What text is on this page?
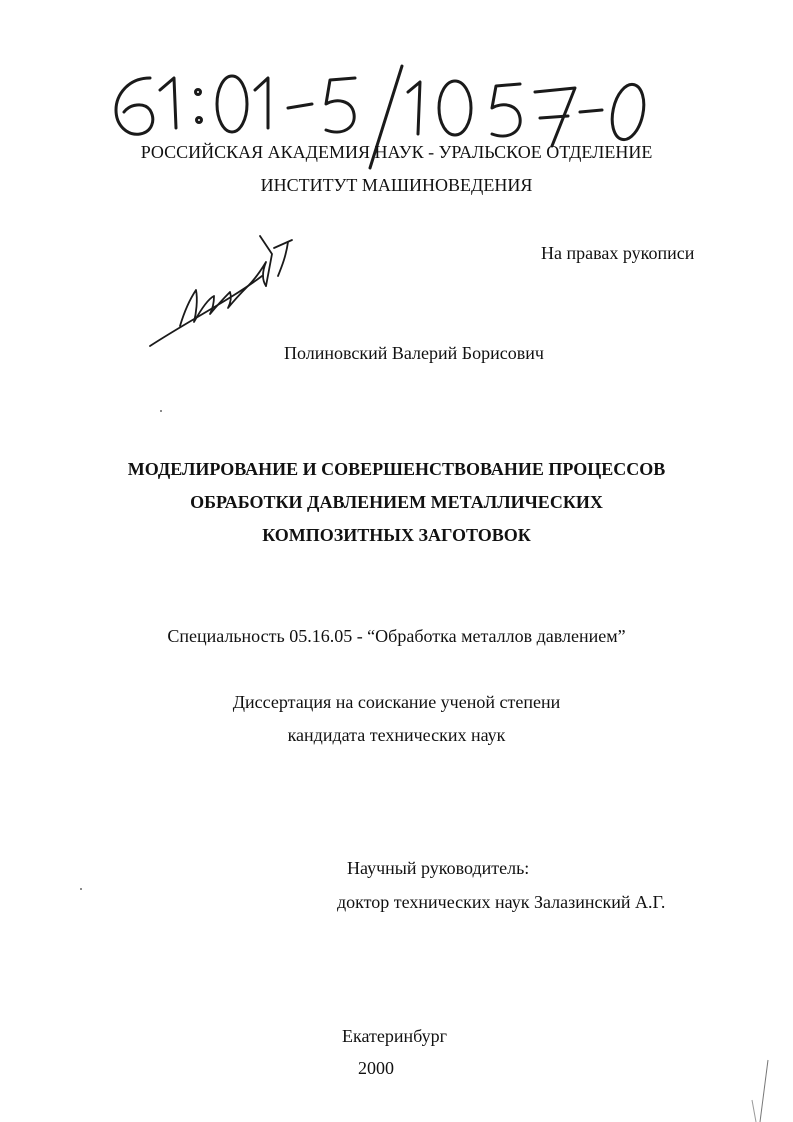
РОССИЙСКАЯ АКАДЕМИЯ НАУК - УРАЛЬСКОЕ ОТДЕЛЕНИЕ
ИНСТИТУТ МАШИНОВЕДЕНИЯ
На правах рукописи
Полиновский Валерий Борисович
МОДЕЛИРОВАНИЕ И СОВЕРШЕНСТВОВАНИЕ ПРОЦЕССОВ
ОБРАБОТКИ ДАВЛЕНИЕМ МЕТАЛЛИЧЕСКИХ
КОМПОЗИТНЫХ ЗАГОТОВОК
Специальность 05.16.05 - “Обработка металлов давлением”
Диссертация на соискание ученой степени
кандидата технических наук
Научный руководитель:
доктор технических наук Залазинский А.Г.
Екатеринбург
2000
